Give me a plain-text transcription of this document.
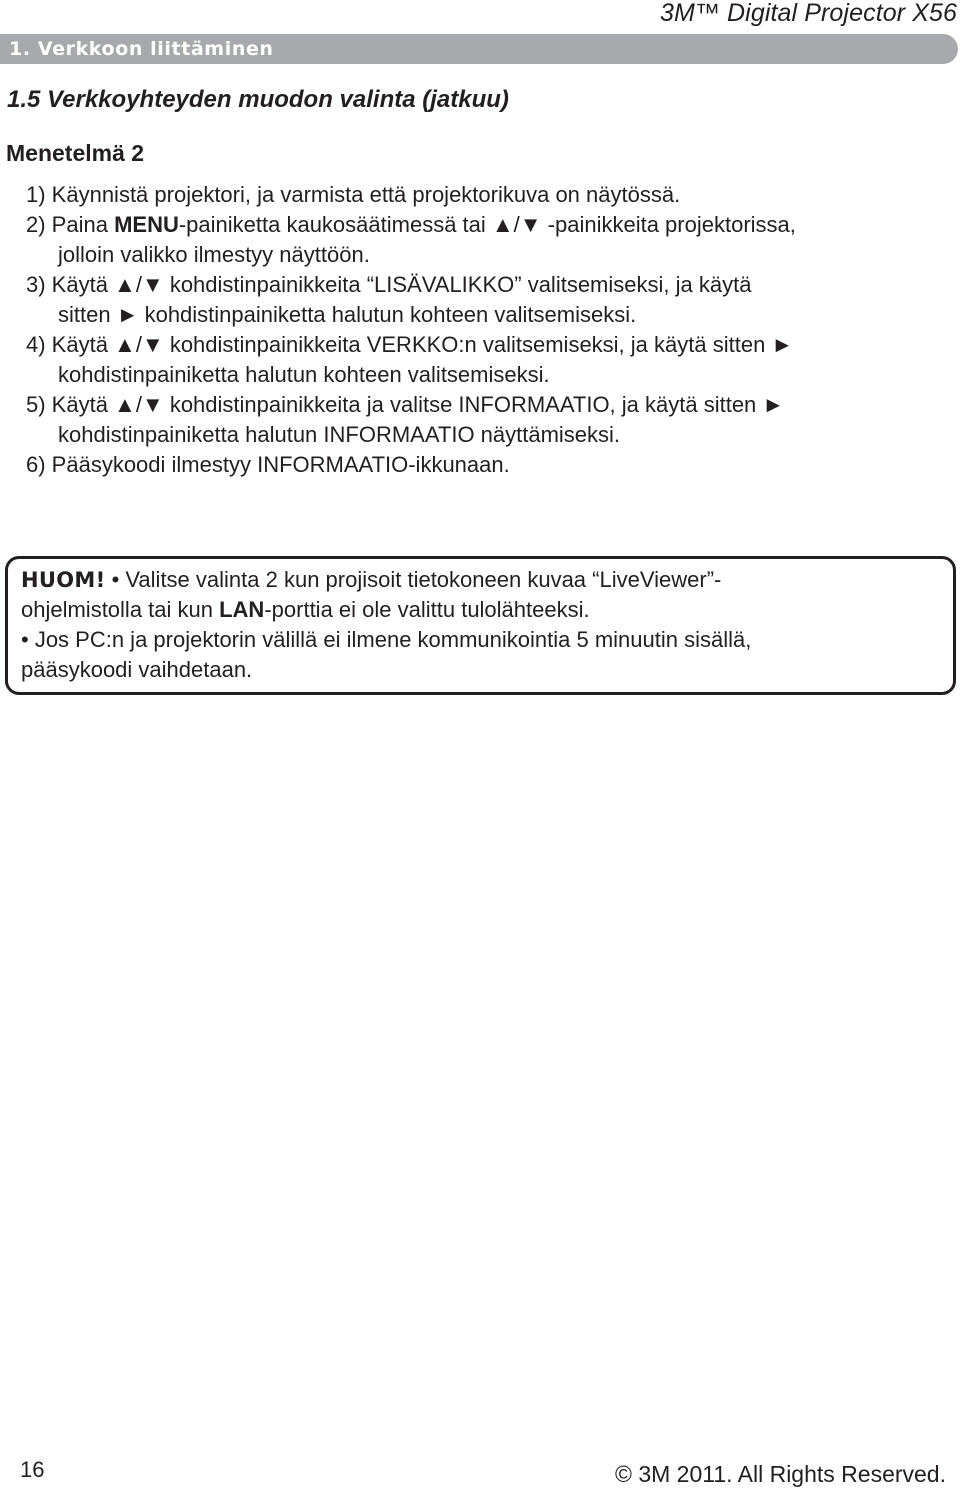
3M™ Digital Projector X56
1. Verkkoon liittäminen
1.5 Verkkoyhteyden muodon valinta (jatkuu)
Menetelmä 2
1) Käynnistä projektori, ja varmista että projektorikuva on näytössä.
2) Paina MENU-painiketta kaukosäätimessä tai ▲/▼ -painikkeita projektorissa,
jolloin valikko ilmestyy näyttöön.
3) Käytä ▲/▼ kohdistinpainikkeita “LISÄVALIKKO” valitsemiseksi, ja käytä
sitten ► kohdistinpainiketta halutun kohteen valitsemiseksi.
4) Käytä ▲/▼ kohdistinpainikkeita VERKKO:n valitsemiseksi, ja käytä sitten ►
kohdistinpainiketta halutun kohteen valitsemiseksi.
5) Käytä ▲/▼ kohdistinpainikkeita ja valitse INFORMAATIO, ja käytä sitten ►
kohdistinpainiketta halutun INFORMAATIO näyttämiseksi.
6) Pääsykoodi ilmestyy INFORMAATIO-ikkunaan.
HUOM! • Valitse valinta 2 kun projisoit tietokoneen kuvaa “LiveViewer”-
ohjelmistolla tai kun LAN-porttia ei ole valittu tulolähteeksi.
• Jos PC:n ja projektorin välillä ei ilmene kommunikointia 5 minuutin sisällä,
pääsykoodi vaihdetaan.
16	© 3M 2011. All Rights Reserved.
